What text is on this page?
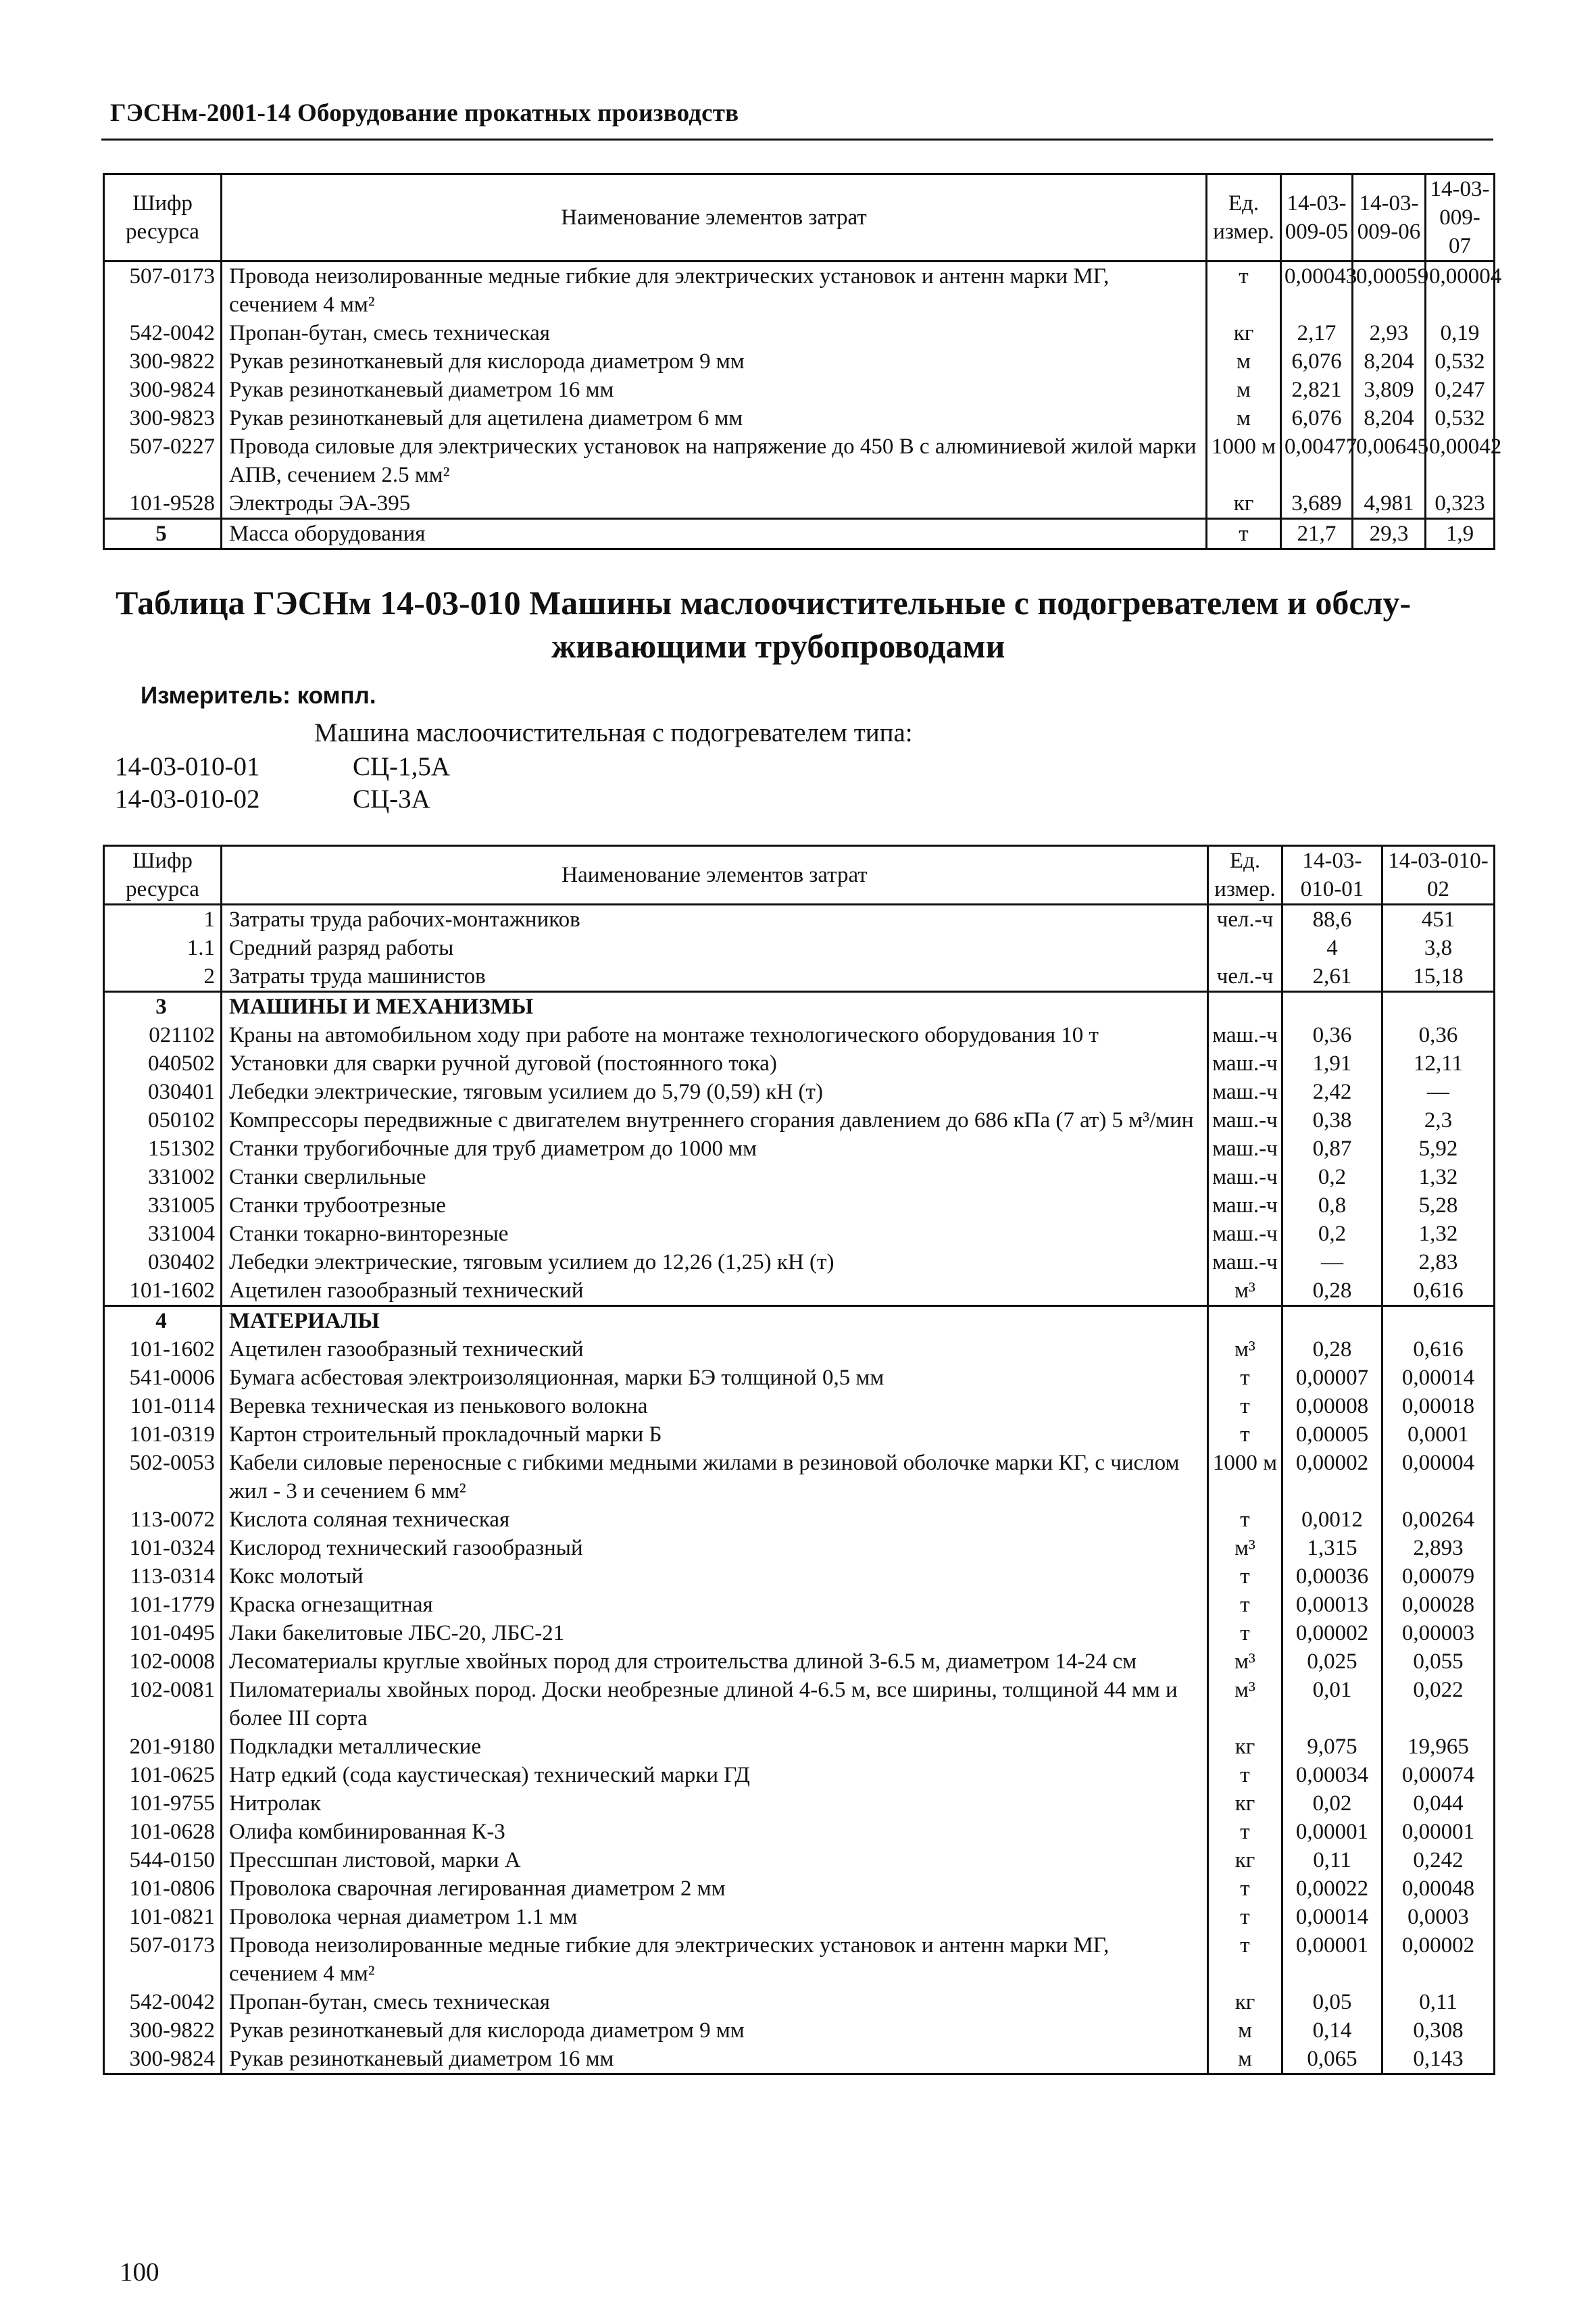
ГЭСНм-2001-14 Оборудование прокатных производств
Шифр ресурса	Наименование элементов затрат	Ед. измер.	14-03-009-05	14-03-009-06	14-03-009-07
507-0173	Провода неизолированные медные гибкие для электрических установок и антенн марки МГ, сечением 4 мм²	т	0,00043	0,00059	0,00004
542-0042	Пропан-бутан, смесь техническая	кг	2,17	2,93	0,19
300-9822	Рукав резинотканевый для кислорода диаметром 9 мм	м	6,076	8,204	0,532
300-9824	Рукав резинотканевый диаметром 16 мм	м	2,821	3,809	0,247
300-9823	Рукав резинотканевый для ацетилена диаметром 6 мм	м	6,076	8,204	0,532
507-0227	Провода силовые для электрических установок на напряжение до 450 В с алюминиевой жилой марки АПВ, сечением 2.5 мм²	1000 м	0,00477	0,00645	0,00042
101-9528	Электроды ЭА-395	кг	3,689	4,981	0,323
5	Масса оборудования	т	21,7	29,3	1,9
Таблица ГЭСНм 14-03-010 Машины маслоочистительные с подогревателем и обслу-
живающими трубопроводами
Измеритель: компл.
Машина маслоочистительная с подогревателем типа:
14-03-010-01	СЦ-1,5А
14-03-010-02	СЦ-3А
Шифр ресурса	Наименование элементов затрат	Ед. измер.	14-03-010-01	14-03-010-02
1	Затраты труда рабочих-монтажников	чел.-ч	88,6	451
1.1	Средний разряд работы		4	3,8
2	Затраты труда машинистов	чел.-ч	2,61	15,18
3	МАШИНЫ И МЕХАНИЗМЫ			
021102	Краны на автомобильном ходу при работе на монтаже технологического оборудования 10 т	маш.-ч	0,36	0,36
040502	Установки для сварки ручной дуговой (постоянного тока)	маш.-ч	1,91	12,11
030401	Лебедки электрические, тяговым усилием до 5,79 (0,59) кН (т)	маш.-ч	2,42	—
050102	Компрессоры передвижные с двигателем внутреннего сгорания давлением до 686 кПа (7 ат) 5 м³/мин	маш.-ч	0,38	2,3
151302	Станки трубогибочные для труб диаметром до 1000 мм	маш.-ч	0,87	5,92
331002	Станки сверлильные	маш.-ч	0,2	1,32
331005	Станки трубоотрезные	маш.-ч	0,8	5,28
331004	Станки токарно-винторезные	маш.-ч	0,2	1,32
030402	Лебедки электрические, тяговым усилием до 12,26 (1,25) кН (т)	маш.-ч	—	2,83
101-1602	Ацетилен газообразный технический	м³	0,28	0,616
4	МАТЕРИАЛЫ			
101-1602	Ацетилен газообразный технический	м³	0,28	0,616
541-0006	Бумага асбестовая электроизоляционная, марки БЭ толщиной 0,5 мм	т	0,00007	0,00014
101-0114	Веревка техническая из пенькового волокна	т	0,00008	0,00018
101-0319	Картон строительный прокладочный марки Б	т	0,00005	0,0001
502-0053	Кабели силовые переносные с гибкими медными жилами в резиновой оболочке марки КГ, с числом жил - 3 и сечением 6 мм²	1000 м	0,00002	0,00004
113-0072	Кислота соляная техническая	т	0,0012	0,00264
101-0324	Кислород технический газообразный	м³	1,315	2,893
113-0314	Кокс молотый	т	0,00036	0,00079
101-1779	Краска огнезащитная	т	0,00013	0,00028
101-0495	Лаки бакелитовые ЛБС-20, ЛБС-21	т	0,00002	0,00003
102-0008	Лесоматериалы круглые хвойных пород для строительства длиной 3-6.5 м, диаметром 14-24 см	м³	0,025	0,055
102-0081	Пиломатериалы хвойных пород. Доски необрезные длиной 4-6.5 м, все ширины, толщиной 44 мм и более III сорта	м³	0,01	0,022
201-9180	Подкладки металлические	кг	9,075	19,965
101-0625	Натр едкий (сода каустическая) технический марки ГД	т	0,00034	0,00074
101-9755	Нитролак	кг	0,02	0,044
101-0628	Олифа комбинированная К-3	т	0,00001	0,00001
544-0150	Прессшпан листовой, марки А	кг	0,11	0,242
101-0806	Проволока сварочная легированная диаметром 2 мм	т	0,00022	0,00048
101-0821	Проволока черная диаметром 1.1 мм	т	0,00014	0,0003
507-0173	Провода неизолированные медные гибкие для электрических установок и антенн марки МГ, сечением 4 мм²	т	0,00001	0,00002
542-0042	Пропан-бутан, смесь техническая	кг	0,05	0,11
300-9822	Рукав резинотканевый для кислорода диаметром 9 мм	м	0,14	0,308
300-9824	Рукав резинотканевый диаметром 16 мм	м	0,065	0,143
100
